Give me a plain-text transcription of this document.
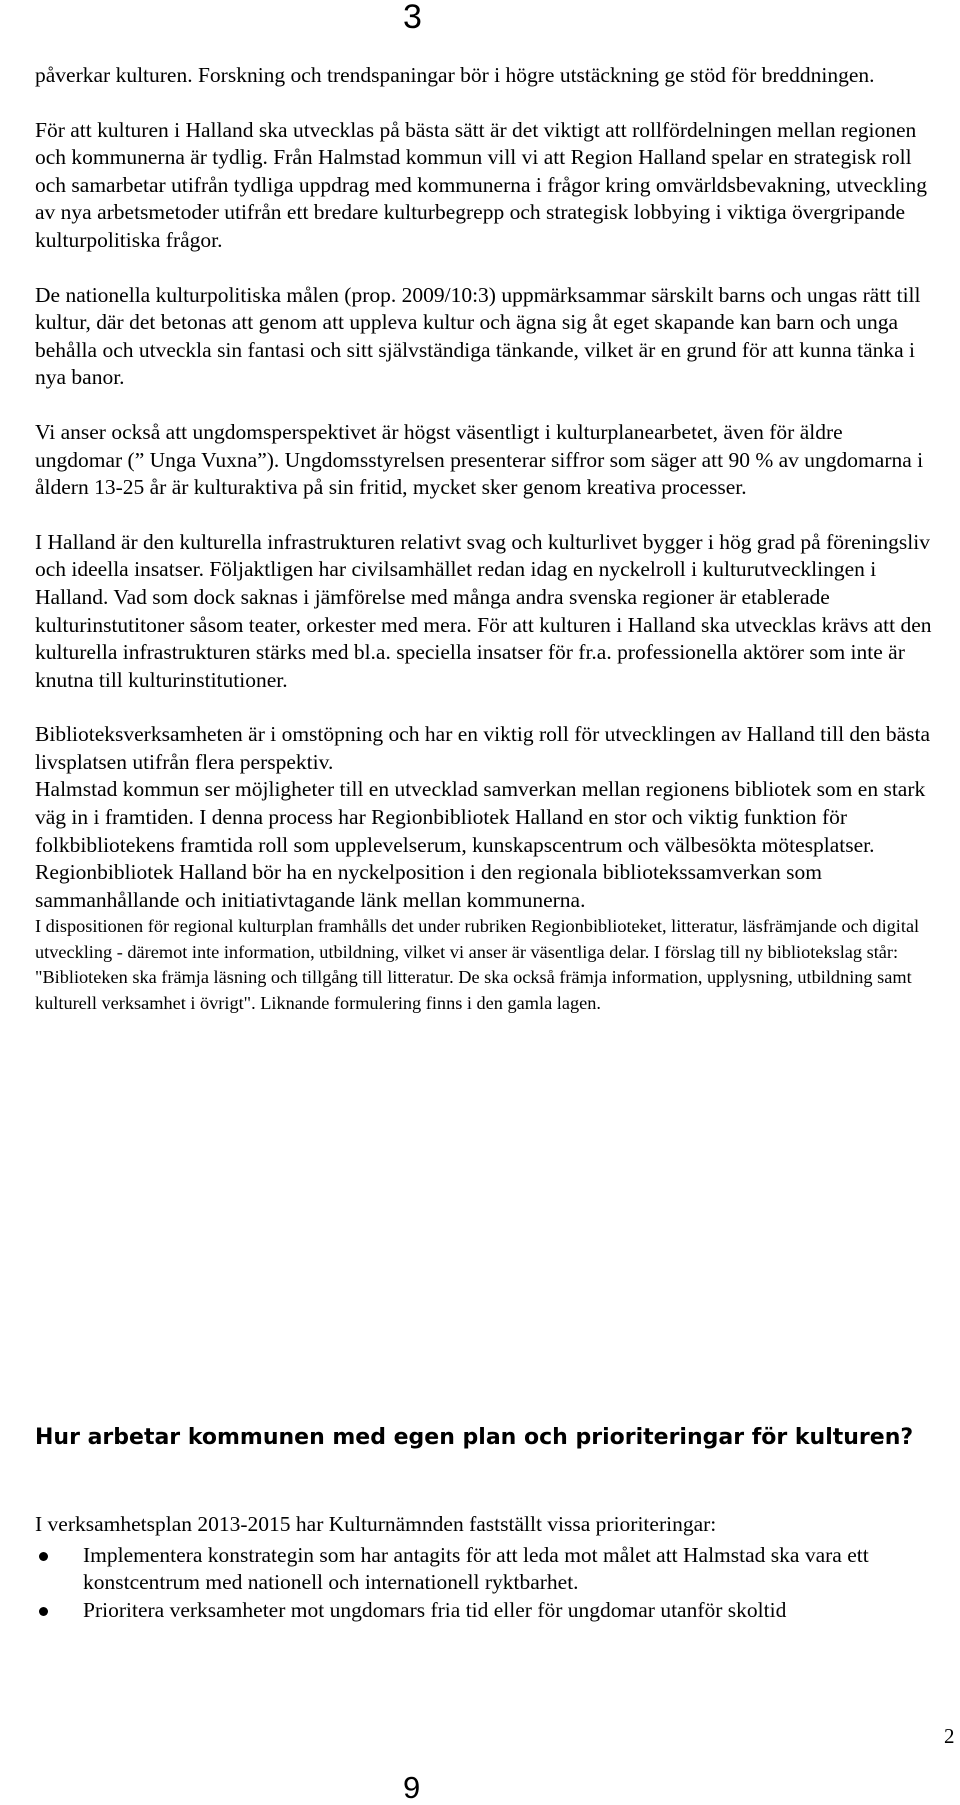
3

påverkar kulturen. Forskning och trendspaningar bör i högre utstäckning ge stöd för breddningen.

För att kulturen i Halland ska utvecklas på bästa sätt är det viktigt att rollfördelningen mellan regionen och kommunerna är tydlig. Från Halmstad kommun vill vi att Region Halland spelar en strategisk roll och samarbetar utifrån tydliga uppdrag med kommunerna i frågor kring omvärldsbevakning, utveckling av nya arbetsmetoder utifrån ett bredare kulturbegrepp och strategisk lobbying i viktiga övergripande kulturpolitiska frågor.

De nationella kulturpolitiska målen (prop. 2009/10:3) uppmärksammar särskilt barns och ungas rätt till kultur, där det betonas att genom att uppleva kultur och ägna sig åt eget skapande kan barn och unga behålla och utveckla sin fantasi och sitt självständiga tänkande, vilket är en grund för att kunna tänka i nya banor.

Vi anser också att ungdomsperspektivet är högst väsentligt i kulturplanearbetet, även för äldre ungdomar (” Unga Vuxna”). Ungdomsstyrelsen presenterar siffror som säger att 90 % av ungdomarna i åldern 13-25 år är kulturaktiva på sin fritid, mycket sker genom kreativa processer.

I Halland är den kulturella infrastrukturen relativt svag och kulturlivet bygger i hög grad på föreningsliv och ideella insatser. Följaktligen har civilsamhället redan idag en nyckelroll i kulturutvecklingen i Halland. Vad som dock saknas i jämförelse med många andra svenska regioner är etablerade kulturinstutitoner såsom teater, orkester med mera. För att kulturen i Halland ska utvecklas krävs att den kulturella infrastrukturen stärks med bl.a. speciella insatser för fr.a. professionella aktörer som inte är knutna till kulturinstitutioner.

Biblioteksverksamheten är i omstöpning och har en viktig roll för utvecklingen av Halland till den bästa livsplatsen utifrån flera perspektiv.

Halmstad kommun ser möjligheter till en utvecklad samverkan mellan regionens bibliotek som en stark väg in i framtiden. I denna process har Regionbibliotek Halland en stor och viktig funktion för folkbibliotekens framtida roll som upplevelserum, kunskapscentrum och välbesökta mötesplatser. Regionbibliotek Halland bör ha en nyckelposition i den regionala bibliotekssamverkan som sammanhållande och initiativtagande länk mellan kommunerna.

I dispositionen för regional kulturplan framhålls det under rubriken Regionbiblioteket, litteratur, läsfrämjande och digital utveckling - däremot inte information, utbildning, vilket vi anser är väsentliga delar. I förslag till ny bibliotekslag står: "Biblioteken ska främja läsning och tillgång till litteratur. De ska också främja information, upplysning, utbildning samt kulturell verksamhet i övrigt". Liknande formulering finns i den gamla lagen.

Hur arbetar kommunen med egen plan och prioriteringar för kulturen?

I verksamhetsplan 2013-2015 har Kulturnämnden fastställt vissa prioriteringar:

Implementera konstrategin som har antagits för att leda mot målet att Halmstad ska vara ett konstcentrum med nationell och internationell ryktbarhet.
Prioritera verksamheter mot ungdomars fria tid eller för ungdomar utanför skoltid
2
9
